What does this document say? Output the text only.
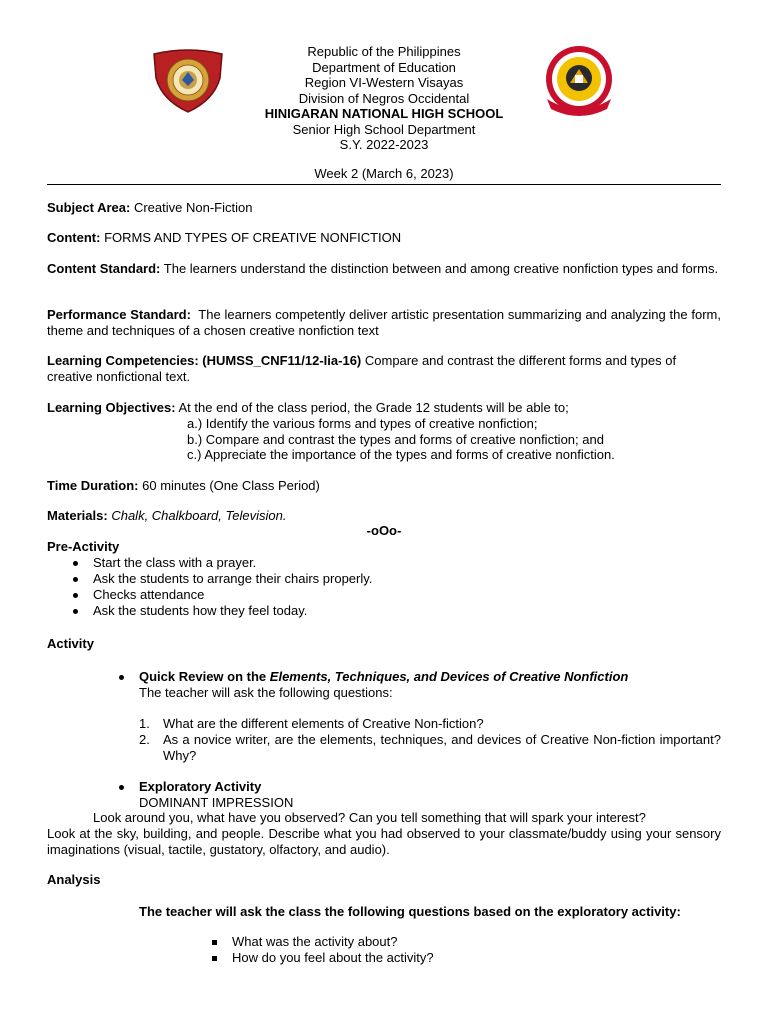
Republic of the Philippines
Department of Education
Region VI-Western Visayas
Division of Negros Occidental
HINIGARAN NATIONAL HIGH SCHOOL
Senior High School Department
S.Y. 2022-2023
Week 2 (March 6, 2023)
Subject Area: Creative Non-Fiction
Content: FORMS AND TYPES OF CREATIVE NONFICTION
Content Standard: The learners understand the distinction between and among creative nonfiction types and forms.
Performance Standard: The learners competently deliver artistic presentation summarizing and analyzing the form, theme and techniques of a chosen creative nonfiction text
Learning Competencies: (HUMSS_CNF11/12-Iia-16) Compare and contrast the different forms and types of creative nonfictional text.
Learning Objectives: At the end of the class period, the Grade 12 students will be able to;
a.) Identify the various forms and types of creative nonfiction;
b.) Compare and contrast the types and forms of creative nonfiction; and
c.) Appreciate the importance of the types and forms of creative nonfiction.
Time Duration: 60 minutes (One Class Period)
Materials: Chalk, Chalkboard, Television.
-oOo-
Pre-Activity
Start the class with a prayer.
Ask the students to arrange their chairs properly.
Checks attendance
Ask the students how they feel today.
Activity
Quick Review on the Elements, Techniques, and Devices of Creative Nonfiction
The teacher will ask the following questions:
1. What are the different elements of Creative Non-fiction?
2. As a novice writer, are the elements, techniques, and devices of Creative Non-fiction important? Why?
Exploratory Activity
DOMINANT IMPRESSION
Look around you, what have you observed? Can you tell something that will spark your interest?
Look at the sky, building, and people. Describe what you had observed to your classmate/buddy using your sensory imaginations (visual, tactile, gustatory, olfactory, and audio).
Analysis
The teacher will ask the class the following questions based on the exploratory activity:
What was the activity about?
How do you feel about the activity?
